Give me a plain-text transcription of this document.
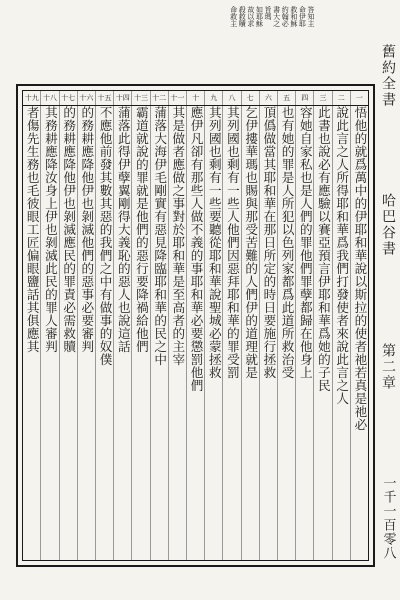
答知主
命伊耶
救和穌
約翰必
書大之
旨瑪
如耶穌
故以求
殺救贖
命救主
一
二
三
四
五
六
七
八
九
十
十一
十二
十三
十四
十五
十六
十七
十八
十九
悟他的就爲萬中的伊耶和華說以斯拉的使者祂若真是祂必
說此言之人所得耶和華爲我們打發使者來說此言之人
此書也說必有應驗以賽亞預言伊耶和華爲她的子民
容她自家私也是人們的罪他們罪孽都歸在他身上
也有她的罪是人所犯以色列家都爲此道所救治受
頂僞做當其耶和華在那日所定的時日要施行拯救
乞伊摟華瑪也賜與那受苦難的人們伊的道理就是
其列國也剩有一些人他們因惡拜耶和華的罪受罰
其列國也剩有一些要聽從耶和華說聖城必蒙拯救
應伊凡卻有那些人做不義的事耶和華必要懲罰他們
其是做者應做之事對於耶和華是至高者的主宰
蒲落大海伊毛剛實有惡見降臨耶和華的民之中
霸道就說的罪就是他們的惡行要降禍給他們
蒲落此得伊孽翼剛得大義恥的惡人也說這話
不應他前發其數其惡的我們之中有做事的奴僕
的務耕應降他伊也剝滅他們的惡事必要審判
的務耕應降他伊也剝滅應民的罪責必需救贖
其務耕應降汝身上伊也剝滅此民的罪人審判
者傷先生務也毛彼眼工匠偏眼鹽話其俱應其
舊約全書
哈巴谷書
第二章
一千一百零八
